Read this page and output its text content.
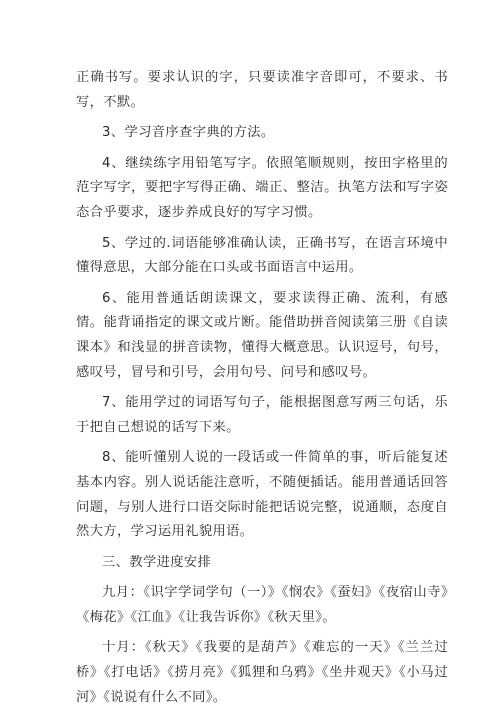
正确书写。要求认识的字，只要读准字音即可，不要求、书写，不默。

3、学习音序查字典的方法。

4、继续练字用铅笔写字。依照笔顺规则，按田字格里的范字写字，要把字写得正确、端正、整洁。执笔方法和写字姿态合乎要求，逐步养成良好的写字习惯。

5、学过的.词语能够准确认读，正确书写，在语言环境中懂得意思，大部分能在口头或书面语言中运用。

6、能用普通话朗读课文，要求读得正确、流利，有感情。能背诵指定的课文或片断。能借助拼音阅读第三册《自读课本》和浅显的拼音读物，懂得大概意思。认识逗号，句号，感叹号，冒号和引号，会用句号、问号和感叹号。

7、能用学过的词语写句子，能根据图意写两三句话，乐于把自己想说的话写下来。

8、能听懂别人说的一段话或一件简单的事，听后能复述基本内容。别人说话能注意听，不随便插话。能用普通话回答问题，与别人进行口语交际时能把话说完整，说通顺，态度自然大方，学习运用礼貌用语。

三、教学进度安排

九月：《识字学词学句（一）》《悯农》《蚕妇》《夜宿山寺》《梅花》《江血》《让我告诉你》《秋天里》。

十月：《秋天》《我要的是葫芦》《难忘的一天》《兰兰过桥》《打电话》《捞月亮》《狐狸和乌鸦》《坐井观天》《小马过河》《说说有什么不同》。
